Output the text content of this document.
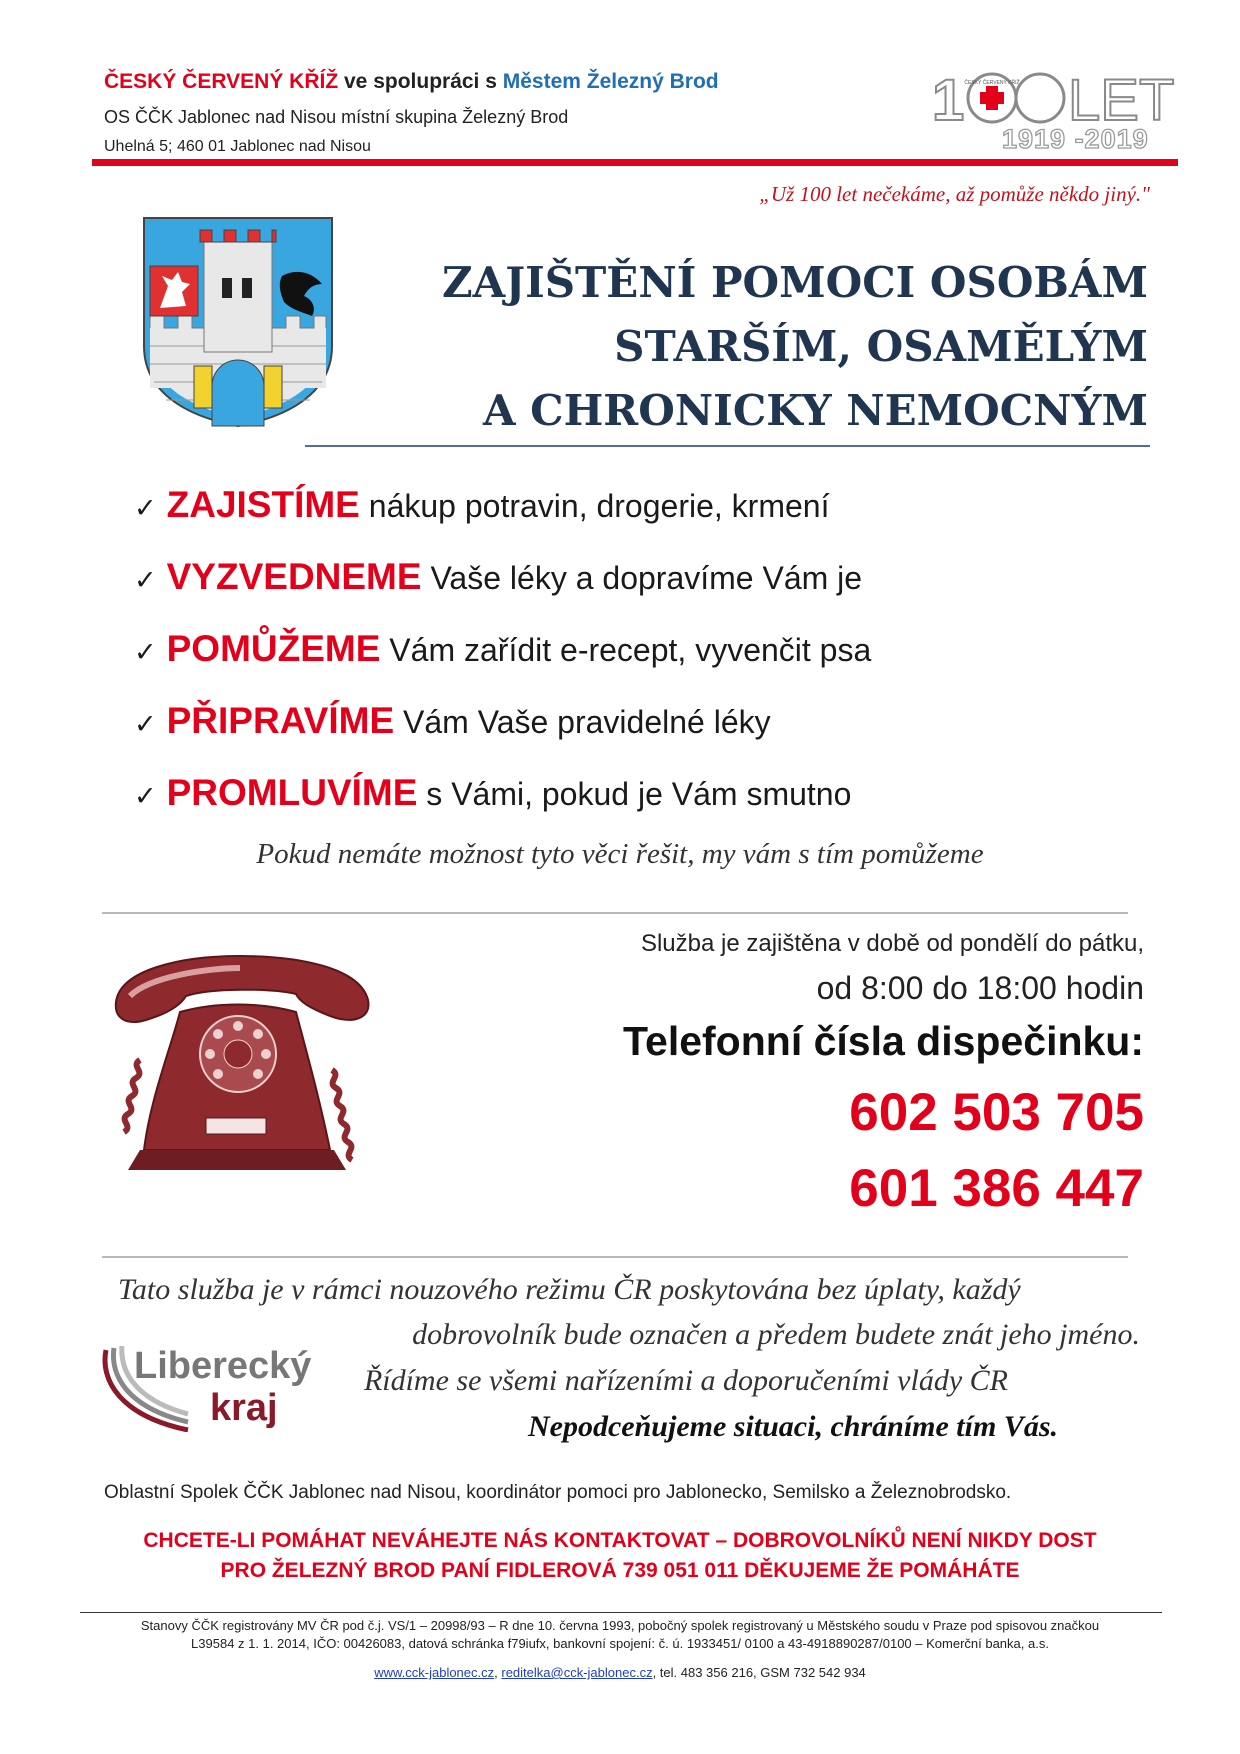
ČESKÝ ČERVENÝ KŘÍŽ ve spolupráci s Městem Železný Brod
OS ČČK Jablonec nad Nisou místní skupina Železný Brod
Uhelná 5; 460 01 Jablonec nad Nisou
1 ČESKÝ ČERVENÝ KŘÍŽ LET
1919 -2019
„Už 100 let nečekáme, až pomůže někdo jiný."
ZAJIŠTĚNÍ POMOCI OSOBÁM
STARŠÍM, OSAMĚLÝM
A CHRONICKY NEMOCNÝM
✓ ZAJISTÍME nákup potravin, drogerie, krmení
✓ VYZVEDNEME Vaše léky a dopravíme Vám je
✓ POMŮŽEME Vám zařídit e-recept, vyvenčit psa
✓ PŘIPRAVÍME Vám Vaše pravidelné léky
✓ PROMLUVÍME s Vámi, pokud je Vám smutno
Pokud nemáte možnost tyto věci řešit, my vám s tím pomůžeme
Služba je zajištěna v době od pondělí do pátku,
od 8:00 do 18:00 hodin
Telefonní čísla dispečinku:
602 503 705
601 386 447
Tato služba je v rámci nouzového režimu ČR poskytována bez úplaty, každý
dobrovolník bude označen a předem budete znát jeho jméno.
Řídíme se všemi nařízeními a doporučeními vlády ČR
Nepodceňujeme situaci, chráníme tím Vás.
Liberecký
kraj
Oblastní Spolek ČČK Jablonec nad Nisou, koordinátor pomoci pro Jablonecko, Semilsko a Železnobrodsko.
CHCETE-LI POMÁHAT NEVÁHEJTE NÁS KONTAKTOVAT – DOBROVOLNÍKŮ NENÍ NIKDY DOST
PRO ŽELEZNÝ BROD PANÍ FIDLEROVÁ 739 051 011 DĚKUJEME ŽE POMÁHÁTE
Stanovy ČČK registrovány MV ČR pod č.j. VS/1 – 20998/93 – R dne 10. června 1993, pobočný spolek registrovaný u Městského soudu v Praze pod spisovou značkou
L39584 z 1. 1. 2014, IČO: 00426083, datová schránka f79iufx, bankovní spojení: č. ú. 1933451/ 0100 a 43-4918890287/0100 – Komerční banka, a.s.
www.cck-jablonec.cz, reditelka@cck-jablonec.cz, tel. 483 356 216, GSM 732 542 934
